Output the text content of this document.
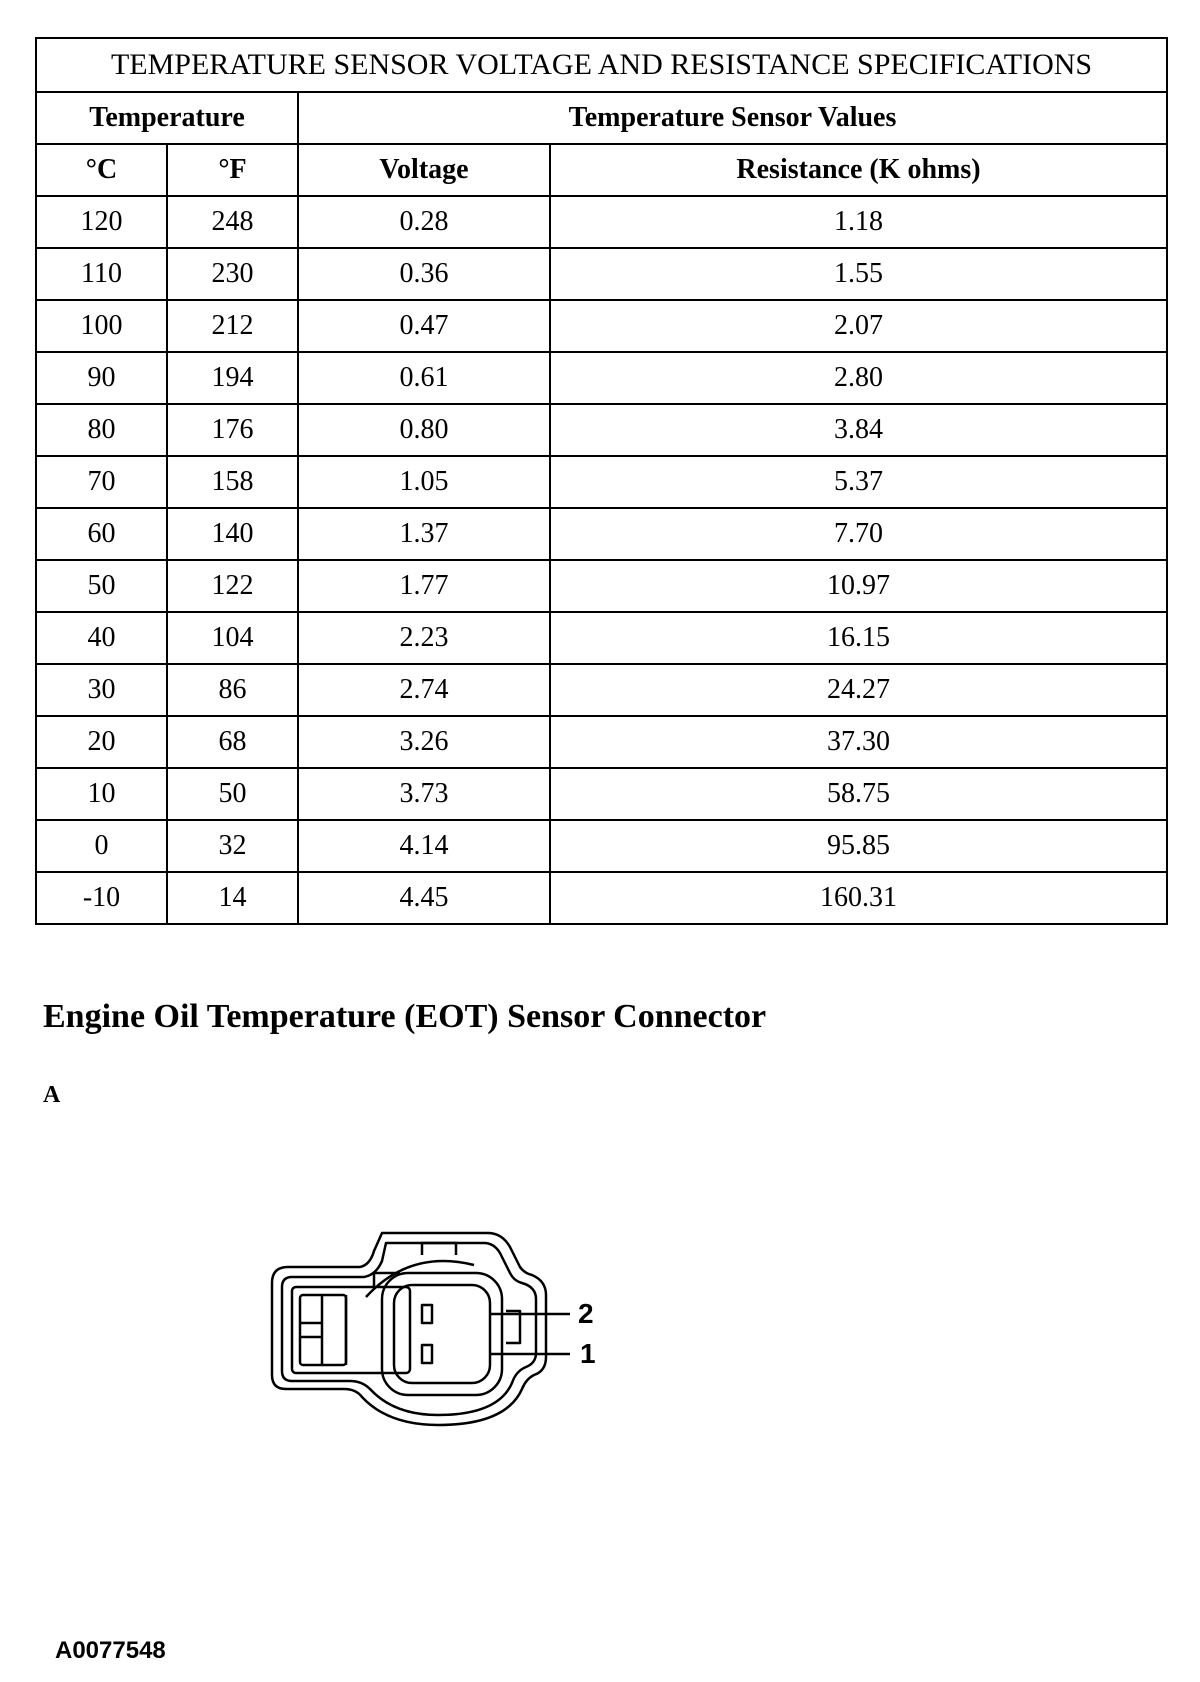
TEMPERATURE SENSOR VOLTAGE AND RESISTANCE SPECIFICATIONS			
Temperature		Temperature Sensor Values	
°C	°F	Voltage	Resistance (K ohms)
120	248	0.28	1.18
110	230	0.36	1.55
100	212	0.47	2.07
90	194	0.61	2.80
80	176	0.80	3.84
70	158	1.05	5.37
60	140	1.37	7.70
50	122	1.77	10.97
40	104	2.23	16.15
30	86	2.74	24.27
20	68	3.26	37.30
10	50	3.73	58.75
0	32	4.14	95.85
-10	14	4.45	160.31
Engine Oil Temperature (EOT) Sensor Connector
A
2
1
A0077548
